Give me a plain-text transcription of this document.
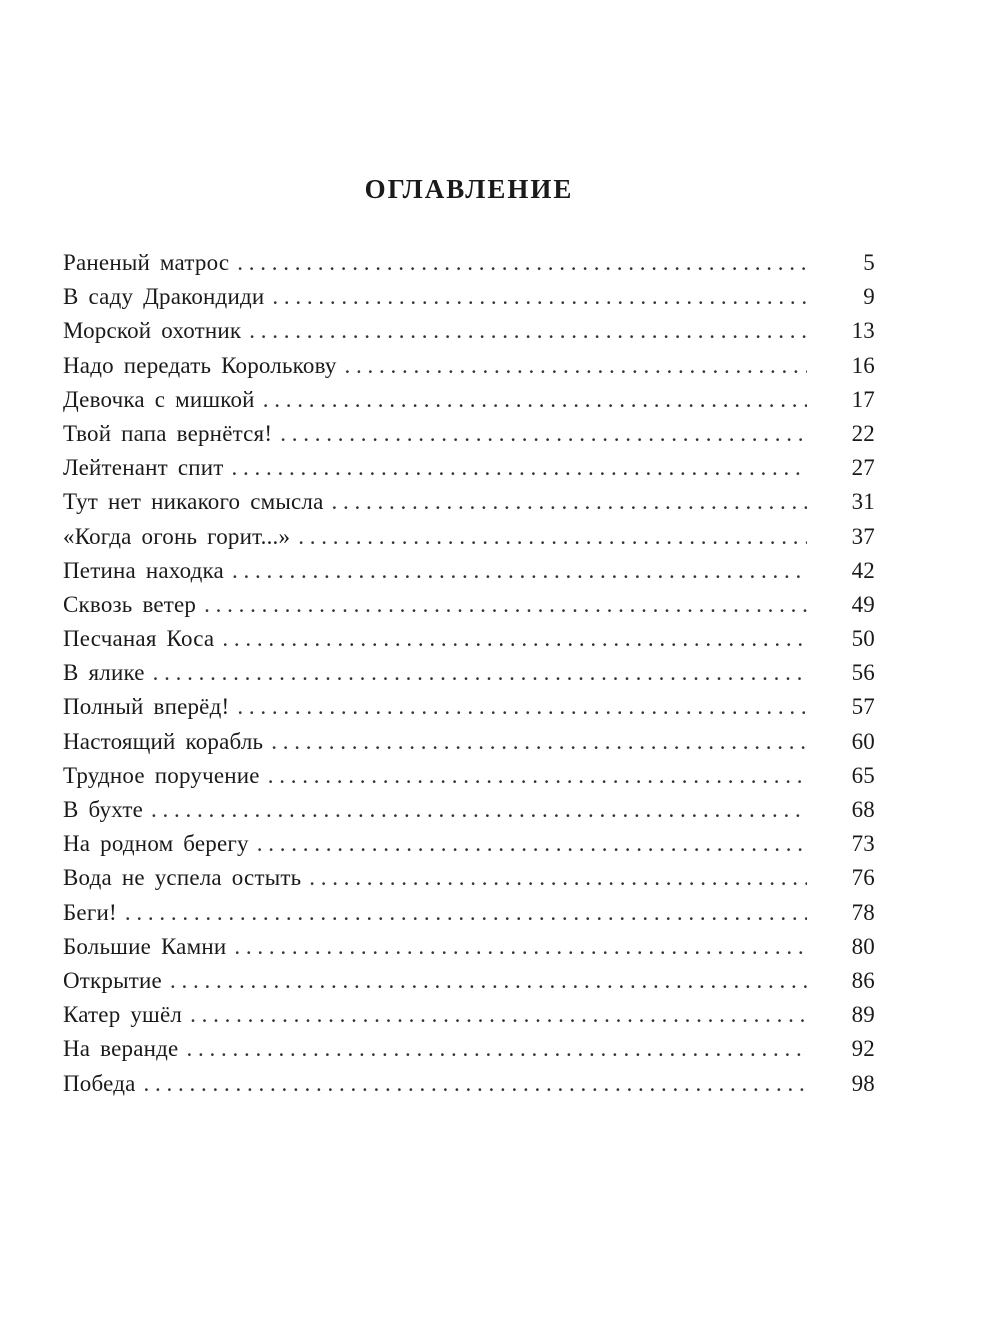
ОГЛАВЛЕНИЕ
Раненый матрос . . .	5
В саду Дракондиди . . .	9
Морской охотник . . .	13
Надо передать Королькову . . .	16
Девочка с мишкой . . .	17
Твой папа вернётся! . . .	22
Лейтенант спит . . .	27
Тут нет никакого смысла . . .	31
«Когда огонь горит...» . . .	37
Петина находка . . .	42
Сквозь ветер . . .	49
Песчаная Коса . . .	50
В ялике . . .	56
Полный вперёд! . . .	57
Настоящий корабль . . .	60
Трудное поручение . . .	65
В бухте . . .	68
На родном берегу . . .	73
Вода не успела остыть . . .	76
Беги! . . .	78
Большие Камни . . .	80
Открытие . . .	86
Катер ушёл . . .	89
На веранде . . .	92
Победа . . .	98
